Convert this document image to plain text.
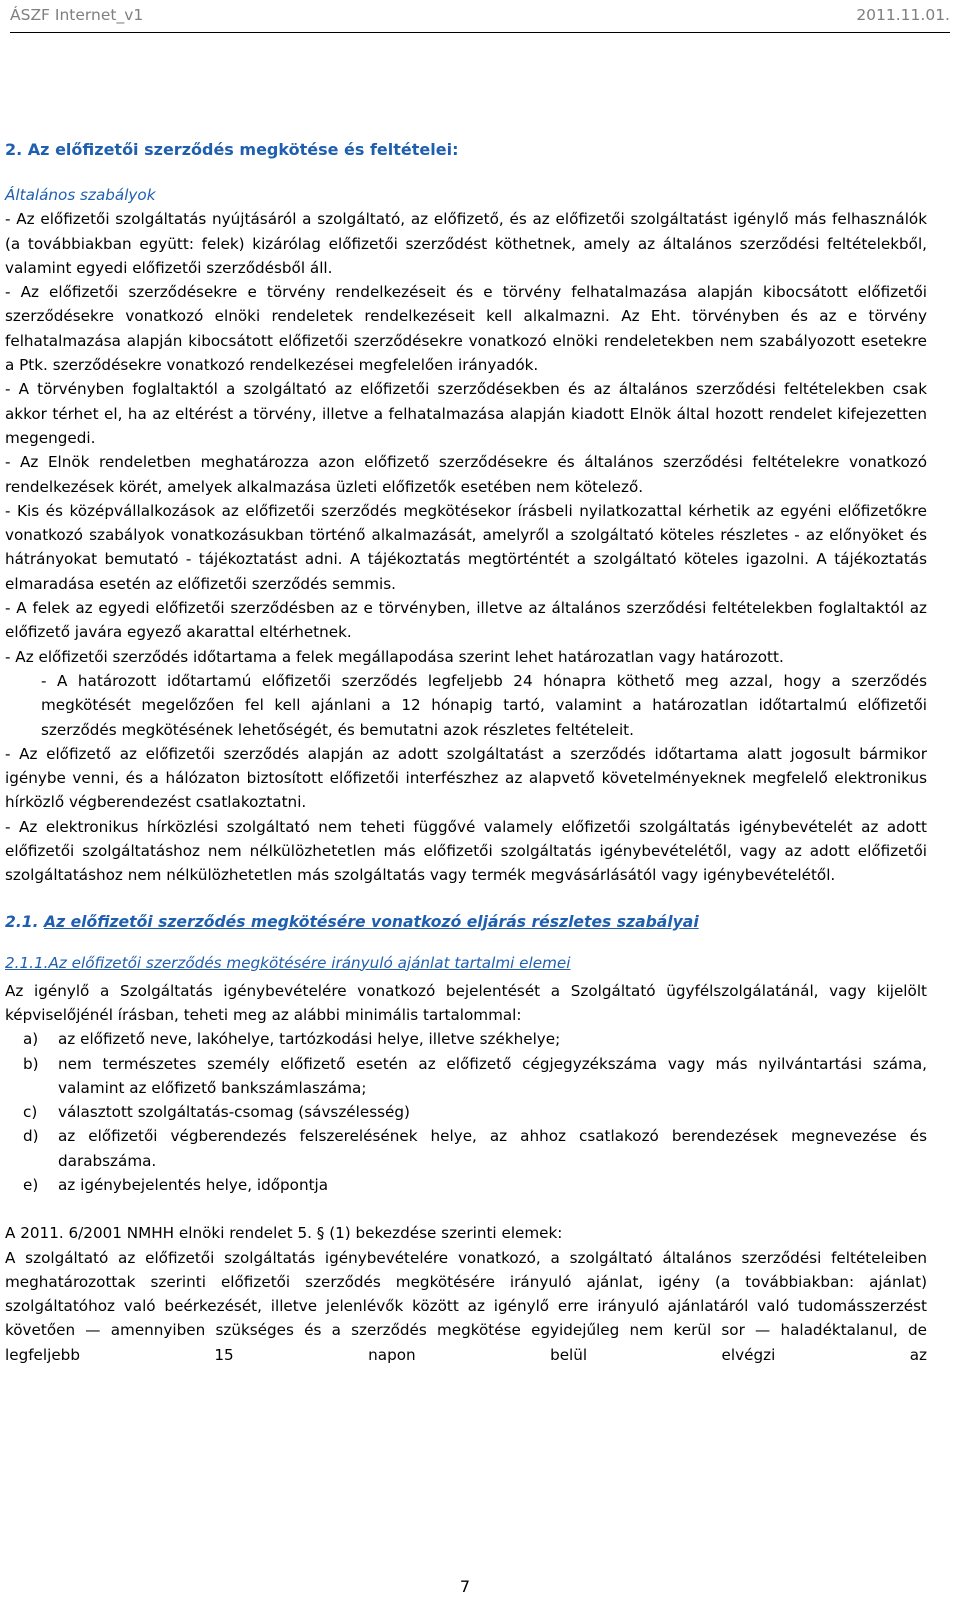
ÁSZF Internet_v1	2011.11.01.
2. Az előfizetői szerződés megkötése és feltételei:

Általános szabályok

- Az előfizetői szolgáltatás nyújtásáról a szolgáltató, az előfizető, és az előfizetői szolgáltatást igénylő más felhasználók (a továbbiakban együtt: felek) kizárólag előfizetői szerződést köthetnek, amely az általános szerződési feltételekből, valamint egyedi előfizetői szerződésből áll.

- Az előfizetői szerződésekre e törvény rendelkezéseit és e törvény felhatalmazása alapján kibocsátott előfizetői szerződésekre vonatkozó elnöki rendeletek rendelkezéseit kell alkalmazni. Az Eht. törvényben és az e törvény felhatalmazása alapján kibocsátott előfizetői szerződésekre vonatkozó elnöki rendeletekben nem szabályozott esetekre a Ptk. szerződésekre vonatkozó rendelkezései megfelelően irányadók.

- A törvényben foglaltaktól a szolgáltató az előfizetői szerződésekben és az általános szerződési feltételekben csak akkor térhet el, ha az eltérést a törvény, illetve a felhatalmazása alapján kiadott Elnök által hozott rendelet kifejezetten megengedi.

- Az Elnök rendeletben meghatározza azon előfizető szerződésekre és általános szerződési feltételekre vonatkozó rendelkezések körét, amelyek alkalmazása üzleti előfizetők esetében nem kötelező.

- Kis és középvállalkozások az előfizetői szerződés megkötésekor írásbeli nyilatkozattal kérhetik az egyéni előfizetőkre vonatkozó szabályok vonatkozásukban történő alkalmazását, amelyről a szolgáltató köteles részletes - az előnyöket és hátrányokat bemutató - tájékoztatást adni. A tájékoztatás megtörténtét a szolgáltató köteles igazolni. A tájékoztatás elmaradása esetén az előfizetői szerződés semmis.

- A felek az egyedi előfizetői szerződésben az e törvényben, illetve az általános szerződési feltételekben foglaltaktól az előfizető javára egyező akarattal eltérhetnek.

- Az előfizetői szerződés időtartama a felek megállapodása szerint lehet határozatlan vagy határozott.

- A határozott időtartamú előfizetői szerződés legfeljebb 24 hónapra köthető meg azzal, hogy a szerződés megkötését megelőzően fel kell ajánlani a 12 hónapig tartó, valamint a határozatlan időtartalmú előfizetői szerződés megkötésének lehetőségét, és bemutatni azok részletes feltételeit.

- Az előfizető az előfizetői szerződés alapján az adott szolgáltatást a szerződés időtartama alatt jogosult bármikor igénybe venni, és a hálózaton biztosított előfizetői interfészhez az alapvető követelményeknek megfelelő elektronikus hírközlő végberendezést csatlakoztatni.

- Az elektronikus hírközlési szolgáltató nem teheti függővé valamely előfizetői szolgáltatás igénybevételét az adott előfizetői szolgáltatáshoz nem nélkülözhetetlen más előfizetői szolgáltatás igénybevételétől, vagy az adott előfizetői szolgáltatáshoz nem nélkülözhetetlen más szolgáltatás vagy termék megvásárlásától vagy igénybevételétől.

2.1. Az előfizetői szerződés megkötésére vonatkozó eljárás részletes szabályai
2.1.1.Az előfizetői szerződés megkötésére irányuló ajánlat tartalmi elemei

Az igénylő a Szolgáltatás igénybevételére vonatkozó bejelentését a Szolgáltató ügyfélszolgálatánál, vagy kijelölt képviselőjénél írásban, teheti meg az alábbi minimális tartalommal:

a) az előfizető neve, lakóhelye, tartózkodási helye, illetve székhelye;
b) nem természetes személy előfizető esetén az előfizető cégjegyzékszáma vagy más nyilvántartási száma, valamint az előfizető bankszámlaszáma;
c) választott szolgáltatás-csomag (sávszélesség)
d) az előfizetői végberendezés felszerelésének helye, az ahhoz csatlakozó berendezések megnevezése és darabszáma.
e) az igénybejelentés helye, időpontja

A 2011. 6/2001 NMHH elnöki rendelet 5. § (1) bekezdése szerinti elemek:

A szolgáltató az előfizetői szolgáltatás igénybevételére vonatkozó, a szolgáltató általános szerződési feltételeiben meghatározottak szerinti előfizetői szerződés megkötésére irányuló ajánlat, igény (a továbbiakban: ajánlat) szolgáltatóhoz való beérkezését, illetve jelenlévők között az igénylő erre irányuló ajánlatáról való tudomásszerzést követően — amennyiben szükséges és a szerződés megkötése egyidejűleg nem kerül sor — haladéktalanul, de legfeljebb 15 napon belül elvégzi az

7
